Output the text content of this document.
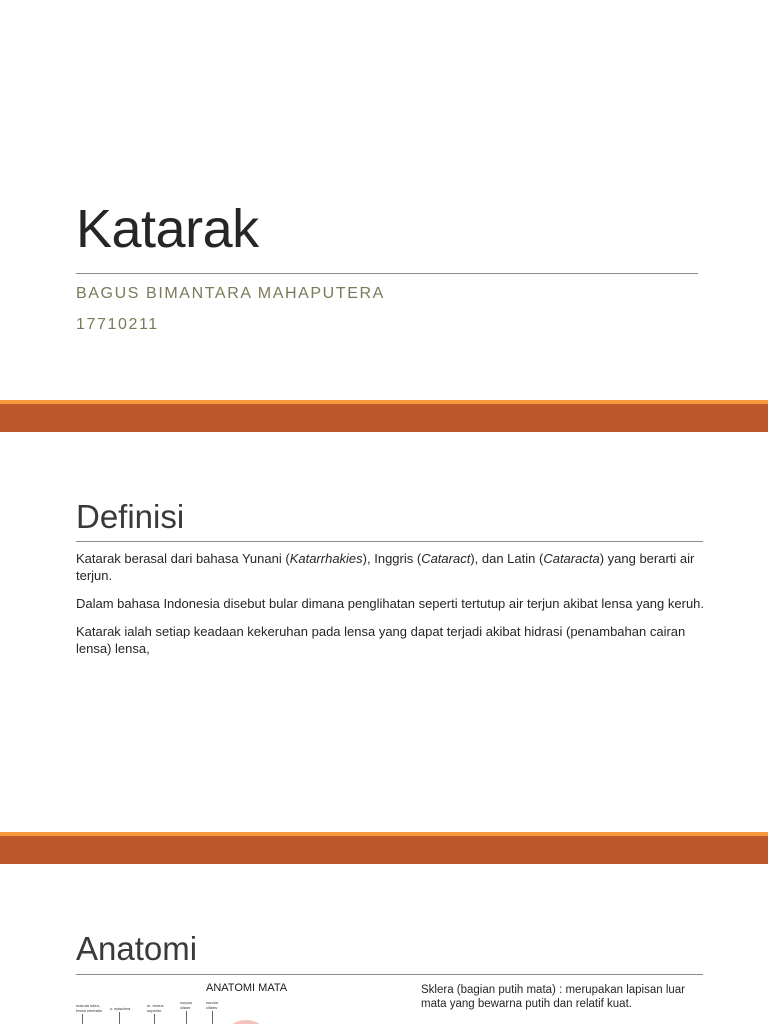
Katarak
BAGUS BIMANTARA MAHAPUTERA
17710211
Definisi

Katarak berasal dari bahasa Yunani (Katarrhakies), Inggris (Cataract), dan Latin (Cataracta) yang berarti air terjun.

Dalam bahasa Indonesia disebut bular dimana penglihatan seperti tertutup air terjun akibat lensa yang keruh.

Katarak ialah setiap keadaan kekeruhan pada lensa yang dapat terjadi akibat hidrasi (penambahan cairan lensa) lensa,

Anatomi
ANATOMI MATA
macula lutea,
fovea centralis s. episclera
m. rectus
superior
corpus
ciliare
zonula
ciliaris

Sklera (bagian putih mata) : merupakan lapisan luar mata yang bewarna putih dan relatif kuat.
